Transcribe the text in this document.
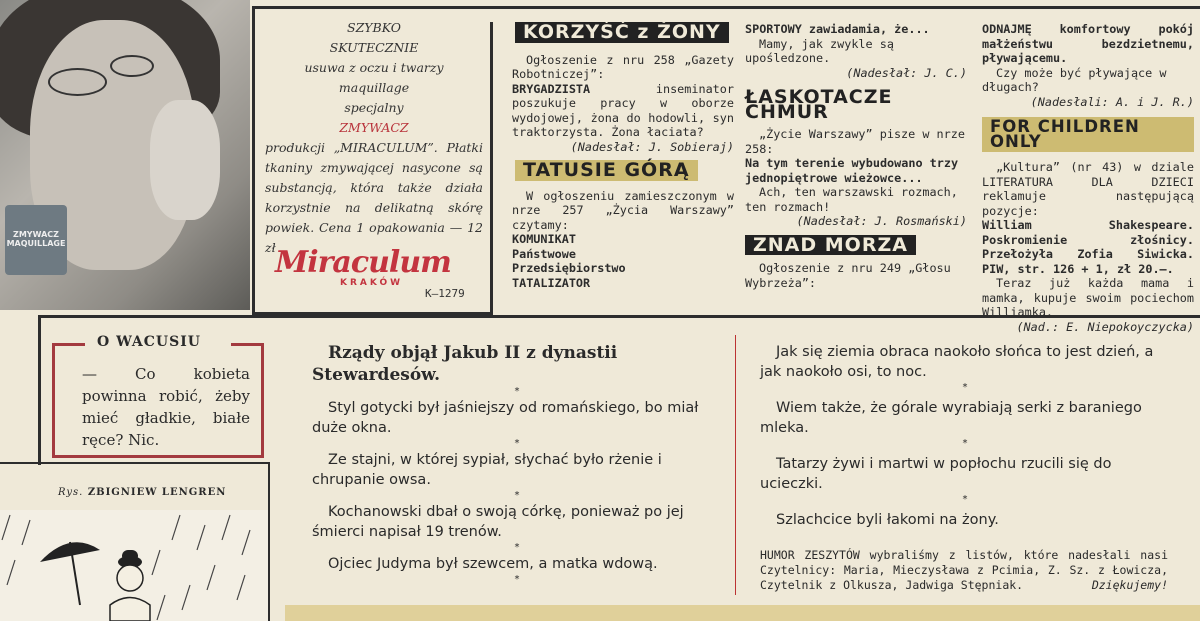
ZMYWACZ MAQUILLAGE

SZYBKO

SKUTECZNIE

usuwa z oczu i twarzy

maquillage

specjalny

ZMYWACZ

produkcji „MIRACULUM”. Płatki tkaniny zmywającej nasycone są substancją, która także działa korzystnie na delikatną skórę powiek. Cena 1 opakowania — 12 zł Miraculum
KRAKÓW
K—1279
KORZYŚĆ z ŻONY

Ogłoszenie z nru 258 „Gazety Robotniczej”:

BRYGADZISTA	inseminator poszukuje pracy w oborze wydojowej, żona do hodowli, syn traktorzysta. Żona łaciata?

(Nadesłał: J. Sobieraj)

TATUSIE GÓRĄ

W ogłoszeniu zamieszczonym w nrze 257 „Życia Warszawy” czytamy:

KOMUNIKAT

Państwowe

Przedsiębiorstwo

TATALIZATOR

SPORTOWY zawiadamia, że...

Mamy, jak zwykle są upośledzone.

(Nadesłał: J. C.)

ŁASKOTACZE CHMUR

„Życie Warszawy” pisze w nrze 258:

Na tym terenie wybudowano trzy jednopiętrowe wieżowce...

Ach, ten warszawski rozmach, ten rozmach!

(Nadesłał: J. Rosmański)

ZNAD MORZA

Ogłoszenie z nru 249 „Głosu Wybrzeża”:

ODNAJMĘ komfortowy pokój małżeństwu bezdzietnemu, pływającemu.

Czy może być pływające w długach?

(Nadesłali: A. i J. R.)

FOR CHILDREN ONLY

„Kultura” (nr 43) w dziale LITERATURA DLA DZIECI reklamuje następującą pozycje:

William Shakespeare. Poskromienie złośnicy. Przełożyła Zofia Siwicka. PIW, str. 126 + 1, zł 20.—.

Teraz już każda mama i mamka, kupuje swoim pociechom Williamka.

(Nad.: E. Niepokoyczycka)

O WACUSIU
— Co kobieta powinna robić, żeby mieć gładkie, białe ręce? Nic.
Rys. ZBIGNIEW LENGREN

Rządy objął Jakub II z dynastii Stewardesów.

*

Styl gotycki był jaśniejszy od romańskiego, bo miał duże okna.

*

Ze stajni, w której sypiał, słychać było rżenie i chrupanie owsa.

*

Kochanowski dbał o swoją córkę, ponieważ po jej śmierci napisał 19 trenów.

*

Ojciec Judyma był szewcem, a matka wdową.

*

Jak się ziemia obraca naokoło słońca to jest dzień, a jak naokoło osi, to noc.

*

Wiem także, że górale wyrabiają serki z baraniego mleka.

*

Tatarzy żywi i martwi w popłochu rzucili się do ucieczki.

*

Szlachcice byli łakomi na żony.

HUMOR ZESZYTÓW wybraliśmy z listów, które nadesłali nasi Czytelnicy: Maria, Mieczysława z Pcimia, Z. Sz. z Łowicza, Czytelnik z Olkusza, Jadwiga Stępniak.	Dziękujemy!
